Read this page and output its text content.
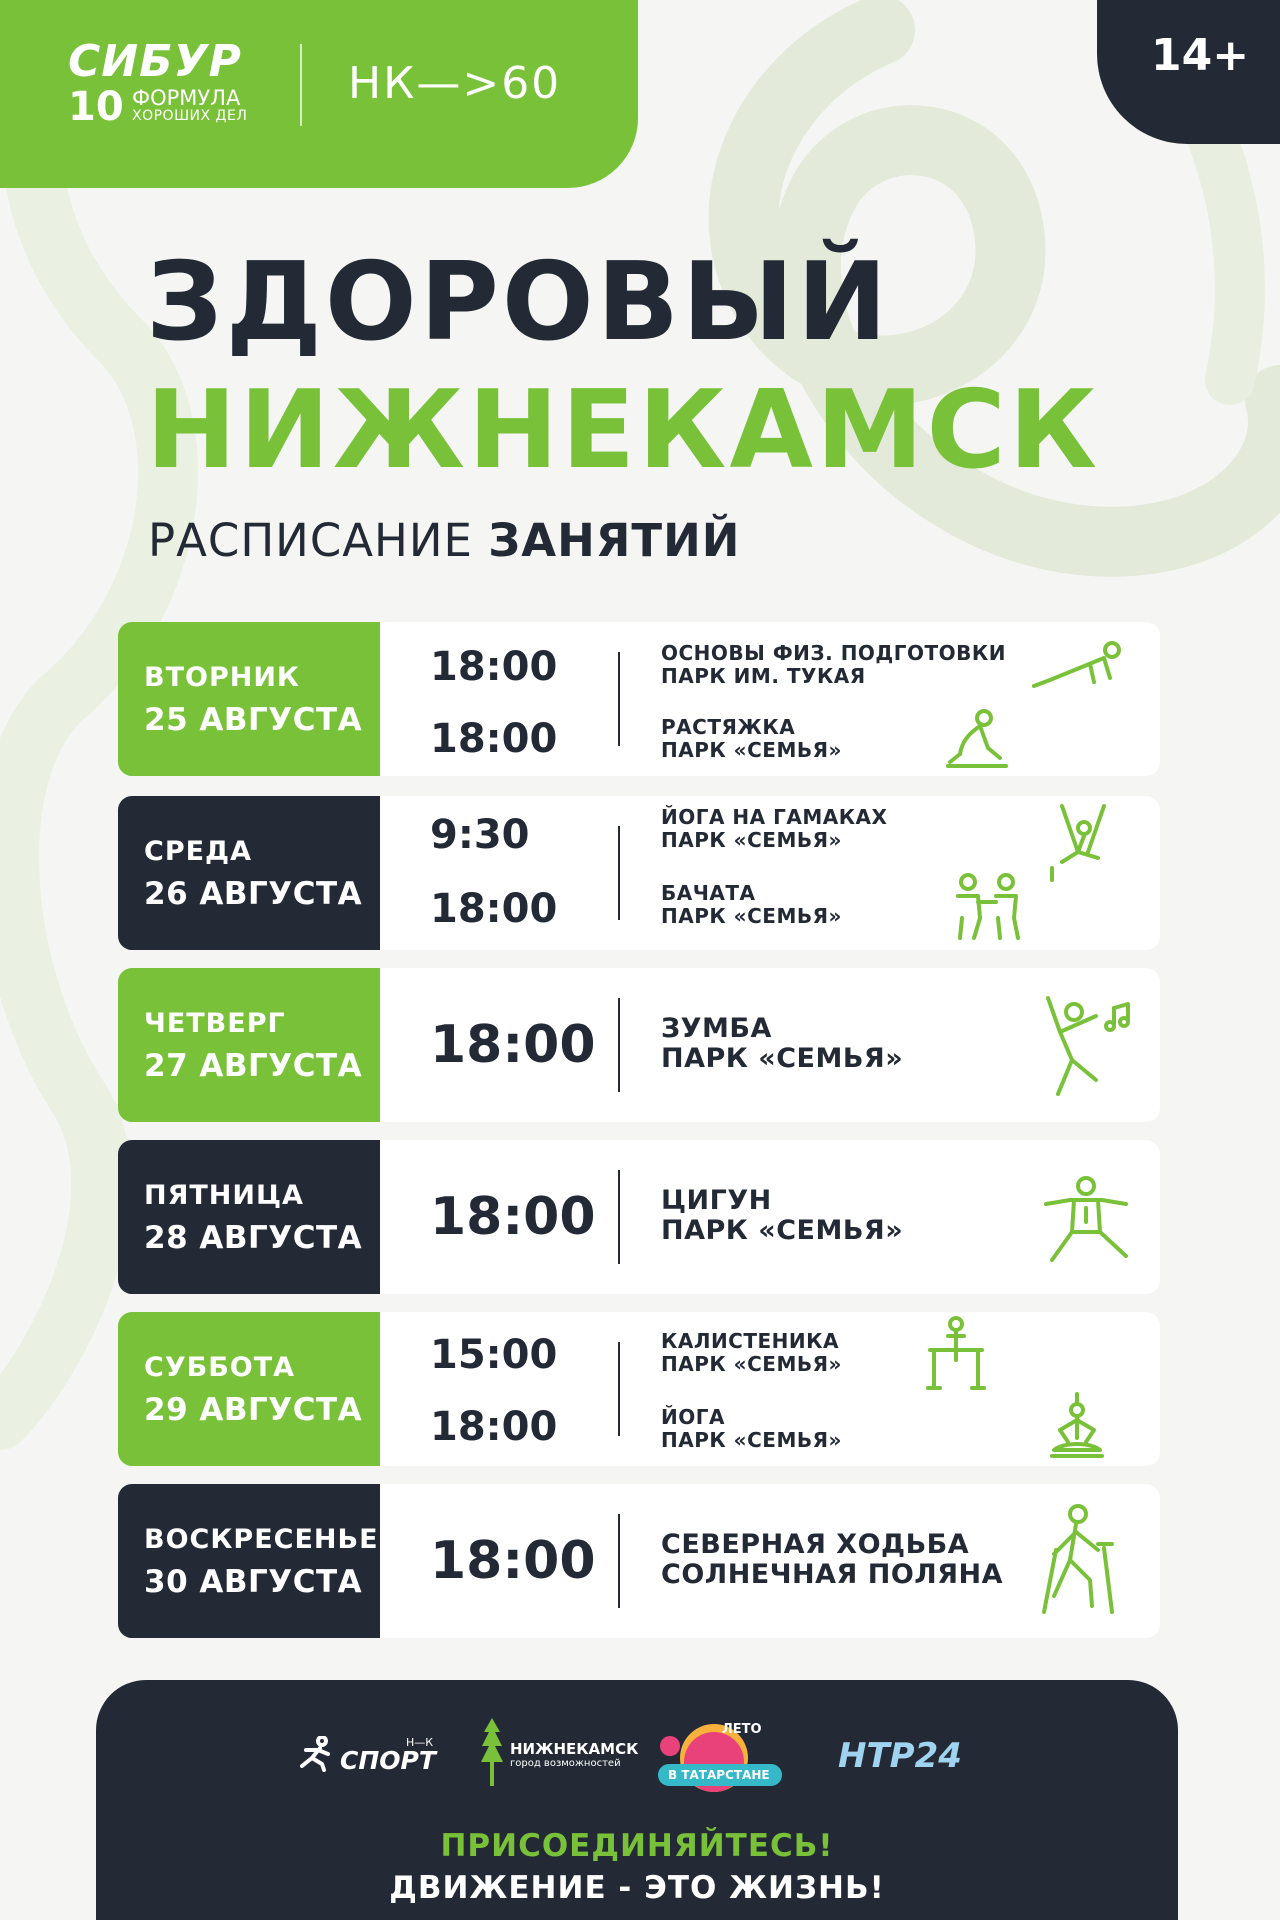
СИБУР
10 ФОРМУЛА
ХОРОШИХ ДЕЛ
НК—>60
14+
ЗДОРОВЫЙ
НИЖНЕКАМСК
РАСПИСАНИЕ ЗАНЯТИЙ
ВТОРНИК
25 АВГУСТА
18:00
18:00
ОСНОВЫ ФИЗ. ПОДГОТОВКИ
ПАРК ИМ. ТУКАЯ
РАСТЯЖКА
ПАРК «СЕМЬЯ»
СРЕДА
26 АВГУСТА
9:30
18:00
ЙОГА НА ГАМАКАХ
ПАРК «СЕМЬЯ»
БАЧАТА
ПАРК «СЕМЬЯ»
ЧЕТВЕРГ
27 АВГУСТА 18:00 ЗУМБА
ПАРК «СЕМЬЯ»
ПЯТНИЦА
28 АВГУСТА 18:00 ЦИГУН
ПАРК «СЕМЬЯ»
СУББОТА
29 АВГУСТА
15:00
18:00
КАЛИСТЕНИКА
ПАРК «СЕМЬЯ»
ЙОГА
ПАРК «СЕМЬЯ»
ВОСКРЕСЕНЬЕ
30 АВГУСТА 18:00 СЕВЕРНАЯ ХОДЬБА
СОЛНЕЧНАЯ ПОЛЯНА
СПОРТ
Н—К	НИЖНЕКАМСК
город возможностей
ЛЕТО
В ТАТАРСТАНЕ НТР24
ПРИСОЕДИНЯЙТЕСЬ!
ДВИЖЕНИЕ - ЭТО ЖИЗНЬ!
